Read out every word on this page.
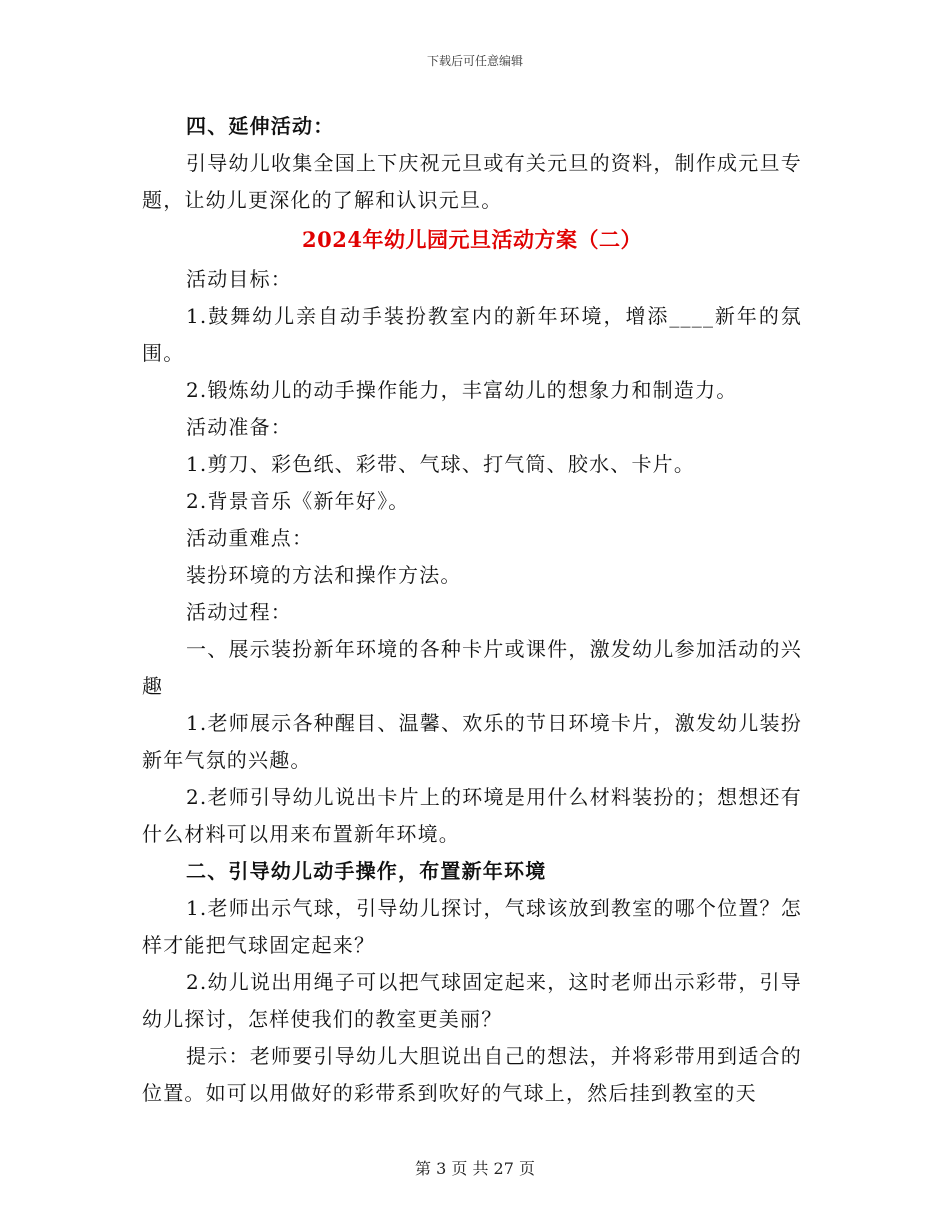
下载后可任意编辑

四、延伸活动：

引导幼儿收集全国上下庆祝元旦或有关元旦的资料，制作成元旦专题，让幼儿更深化的了解和认识元旦。

2024年幼儿园元旦活动方案（二）

活动目标：

1.鼓舞幼儿亲自动手装扮教室内的新年环境，增添____新年的氛围。

2.锻炼幼儿的动手操作能力，丰富幼儿的想象力和制造力。

活动准备：

1.剪刀、彩色纸、彩带、气球、打气筒、胶水、卡片。

2.背景音乐《新年好》。

活动重难点：

装扮环境的方法和操作方法。

活动过程：

一、展示装扮新年环境的各种卡片或课件，激发幼儿参加活动的兴趣

1.老师展示各种醒目、温馨、欢乐的节日环境卡片，激发幼儿装扮新年气氛的兴趣。

2.老师引导幼儿说出卡片上的环境是用什么材料装扮的；想想还有什么材料可以用来布置新年环境。

二、引导幼儿动手操作，布置新年环境

1.老师出示气球，引导幼儿探讨，气球该放到教室的哪个位置？怎样才能把气球固定起来？

2.幼儿说出用绳子可以把气球固定起来，这时老师出示彩带，引导幼儿探讨，怎样使我们的教室更美丽？

提示：老师要引导幼儿大胆说出自己的想法，并将彩带用到适合的位置。如可以用做好的彩带系到吹好的气球上，然后挂到教室的天

第 3 页 共 27 页
